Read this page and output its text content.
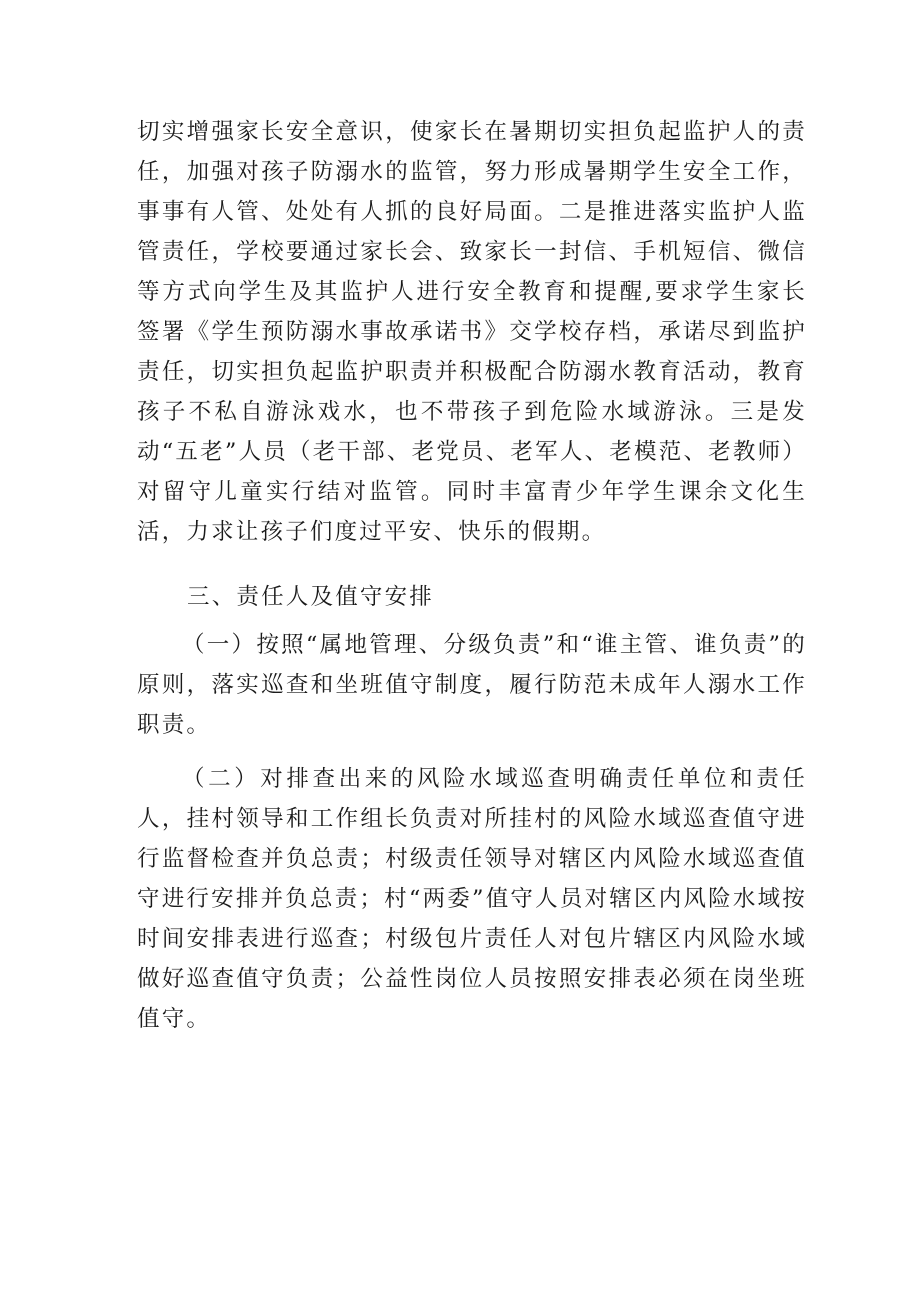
切实增强家长安全意识，使家长在暑期切实担负起监护人的责任，加强对孩子防溺水的监管，努力形成暑期学生安全工作，事事有人管、处处有人抓的良好局面。二是推进落实监护人监管责任，学校要通过家长会、致家长一封信、手机短信、微信等方式向学生及其监护人进行安全教育和提醒,要求学生家长签署《学生预防溺水事故承诺书》交学校存档，承诺尽到监护责任，切实担负起监护职责并积极配合防溺水教育活动，教育孩子不私自游泳戏水，也不带孩子到危险水域游泳。三是发动“五老”人员（老干部、老党员、老军人、老模范、老教师）对留守儿童实行结对监管。同时丰富青少年学生课余文化生活，力求让孩子们度过平安、快乐的假期。

三、责任人及值守安排

（一）按照“属地管理、分级负责”和“谁主管、谁负责”的原则，落实巡查和坐班值守制度，履行防范未成年人溺水工作职责。

（二）对排查出来的风险水域巡查明确责任单位和责任人，挂村领导和工作组长负责对所挂村的风险水域巡查值守进行监督检查并负总责；村级责任领导对辖区内风险水域巡查值守进行安排并负总责；村“两委”值守人员对辖区内风险水域按时间安排表进行巡查；村级包片责任人对包片辖区内风险水域做好巡查值守负责；公益性岗位人员按照安排表必须在岗坐班值守。
